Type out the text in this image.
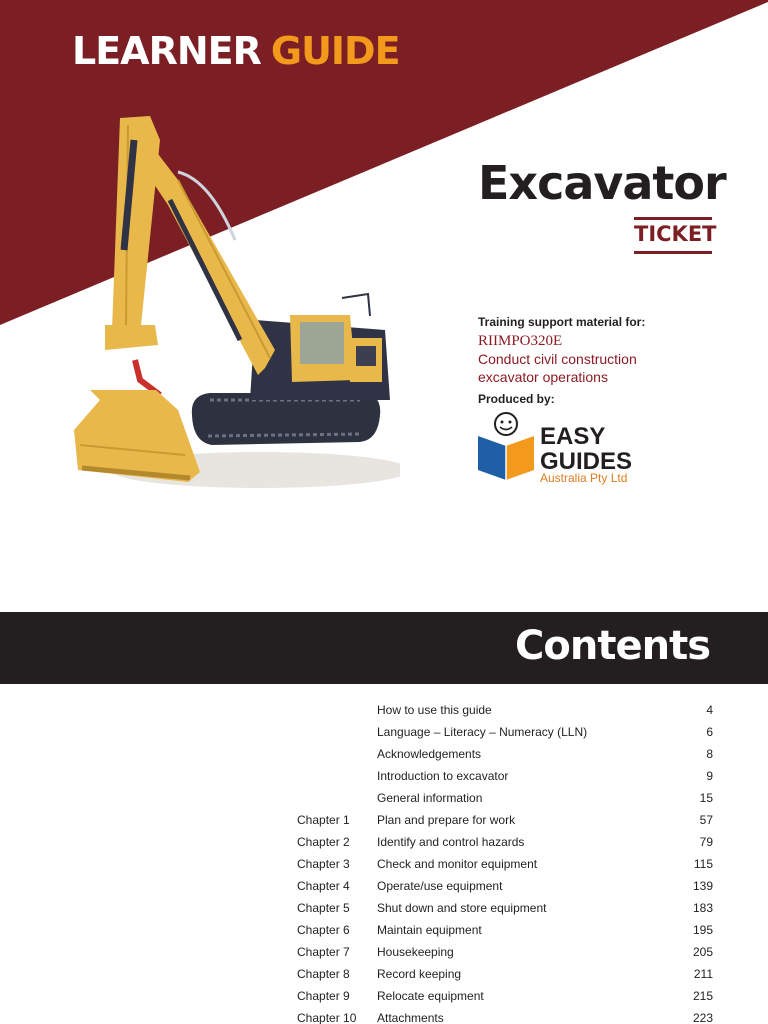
LEARNER GUIDE
Excavator
TICKET
Training support material for:
RIIMPO320E
Conduct civil construction excavator operations
Produced by:
EASY GUIDES
Australia Pty Ltd
Contents
How to use this guide	4
Language – Literacy – Numeracy (LLN)	6
Acknowledgements	8
Introduction to excavator	9
General information	15
Chapter 1	Plan and prepare for work	57
Chapter 2	Identify and control hazards	79
Chapter 3	Check and monitor equipment	115
Chapter 4	Operate/use equipment	139
Chapter 5	Shut down and store equipment	183
Chapter 6	Maintain equipment	195
Chapter 7	Housekeeping	205
Chapter 8	Record keeping	211
Chapter 9	Relocate equipment	215
Chapter 10	Attachments	223
